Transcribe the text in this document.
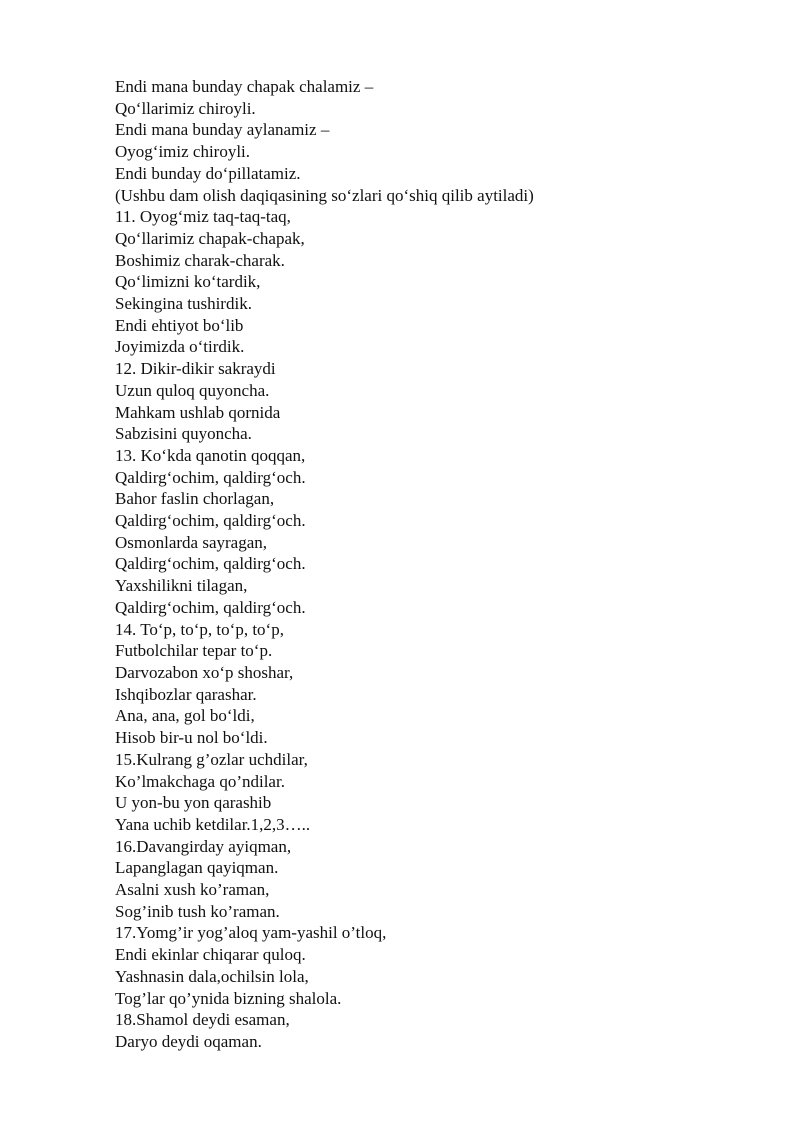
Endi mana bunday chapak chalamiz –
Qo‘llarimiz chiroyli.
Endi mana bunday aylanamiz –
Oyog‘imiz chiroyli.
Endi bunday do‘pillatamiz.
(Ushbu dam olish daqiqasining so‘zlari qo‘shiq qilib aytiladi)
11. Oyog‘miz taq-taq-taq,
Qo‘llarimiz chapak-chapak,
Boshimiz charak-charak.
Qo‘limizni ko‘tardik,
Sekingina tushirdik.
Endi ehtiyot bo‘lib
Joyimizda o‘tirdik.
12. Dikir-dikir sakraydi
Uzun quloq quyoncha.
Mahkam ushlab qornida
Sabzisini quyoncha.
13. Ko‘kda qanotin qoqqan,
Qaldirg‘ochim, qaldirg‘och.
Bahor faslin chorlagan,
Qaldirg‘ochim, qaldirg‘och.
Osmonlarda sayragan,
Qaldirg‘ochim, qaldirg‘och.
Yaxshilikni tilagan,
Qaldirg‘ochim, qaldirg‘och.
14. To‘p, to‘p, to‘p, to‘p,
Futbolchilar tepar to‘p.
Darvozabon xo‘p shoshar,
Ishqibozlar qarashar.
Ana, ana, gol bo‘ldi,
Hisob bir-u nol bo‘ldi.
15.Kulrang g’ozlar uchdilar,
Ko’lmakchaga qo’ndilar.
U yon-bu yon qarashib
Yana uchib ketdilar.1,2,3…..
16.Davangirday ayiqman,
Lapanglagan qayiqman.
Asalni xush ko’raman,
Sog’inib tush ko’raman.
17.Yomg’ir yog’aloq yam-yashil o’tloq,
Endi ekinlar chiqarar quloq.
Yashnasin dala,ochilsin lola,
Tog’lar qo’ynida bizning shalola.
18.Shamol deydi esaman,
Daryo deydi oqaman.
